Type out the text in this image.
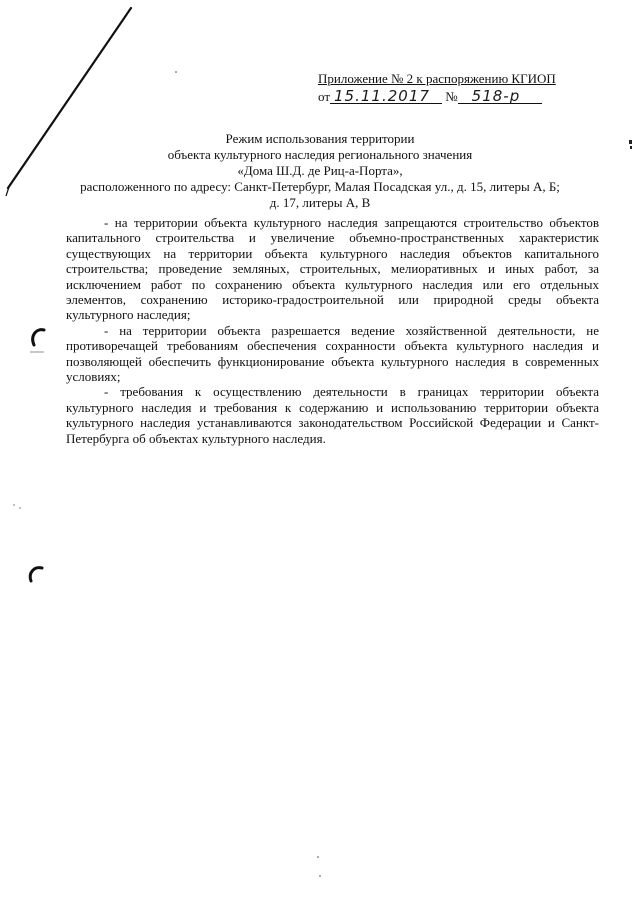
Приложение № 2 к распоряжению КГИОП
от 15.11.2017 № 518-р
Режим использования территории
объекта культурного наследия регионального значения
«Дома Ш.Д. де Риц-а-Порта»,
расположенного по адресу: Санкт-Петербург, Малая Посадская ул., д. 15, литеры А, Б;
д. 17, литеры А, В

- на территории объекта культурного наследия запрещаются строительство объектов капитального строительства и увеличение объемно-пространственных характеристик существующих на территории объекта культурного наследия объектов капитального строительства; проведение земляных, строительных, мелиоративных и иных работ, за исключением работ по сохранению объекта культурного наследия или его отдельных элементов, сохранению историко-градостроительной или природной среды объекта культурного наследия;

- на территории объекта разрешается ведение хозяйственной деятельности, не противоречащей требованиям обеспечения сохранности объекта культурного наследия и позволяющей обеспечить функционирование объекта культурного наследия в современных условиях;

- требования к осуществлению деятельности в границах территории объекта культурного наследия и требования к содержанию и использованию территории объекта культурного наследия устанавливаются законодательством Российской Федерации и Санкт-Петербурга об объектах культурного наследия.
